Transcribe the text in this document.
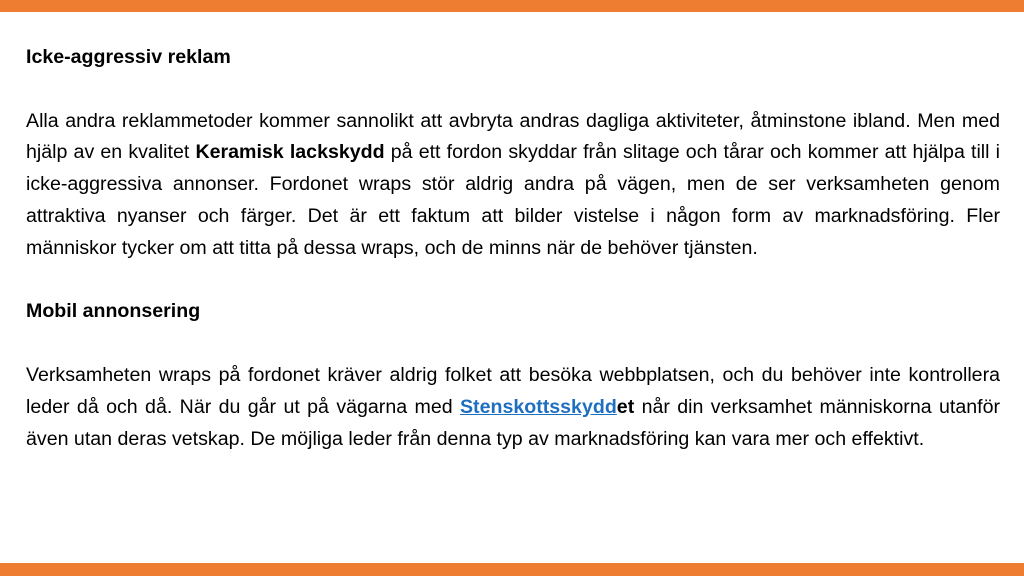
Icke-aggressiv reklam

Alla andra reklammetoder kommer sannolikt att avbryta andras dagliga aktiviteter, åtminstone ibland. Men med hjälp av en kvalitet Keramisk lackskydd på ett fordon skyddar från slitage och tårar och kommer att hjälpa till i icke-aggressiva annonser. Fordonet wraps stör aldrig andra på vägen, men de ser verksamheten genom attraktiva nyanser och färger. Det är ett faktum att bilder vistelse i någon form av marknadsföring. Fler människor tycker om att titta på dessa wraps, och de minns när de behöver tjänsten.

Mobil annonsering

Verksamheten wraps på fordonet kräver aldrig folket att besöka webbplatsen, och du behöver inte kontrollera leder då och då. När du går ut på vägarna med Stenskottsskyddet når din verksamhet människorna utanför även utan deras vetskap. De möjliga leder från denna typ av marknadsföring kan vara mer och effektivt.
